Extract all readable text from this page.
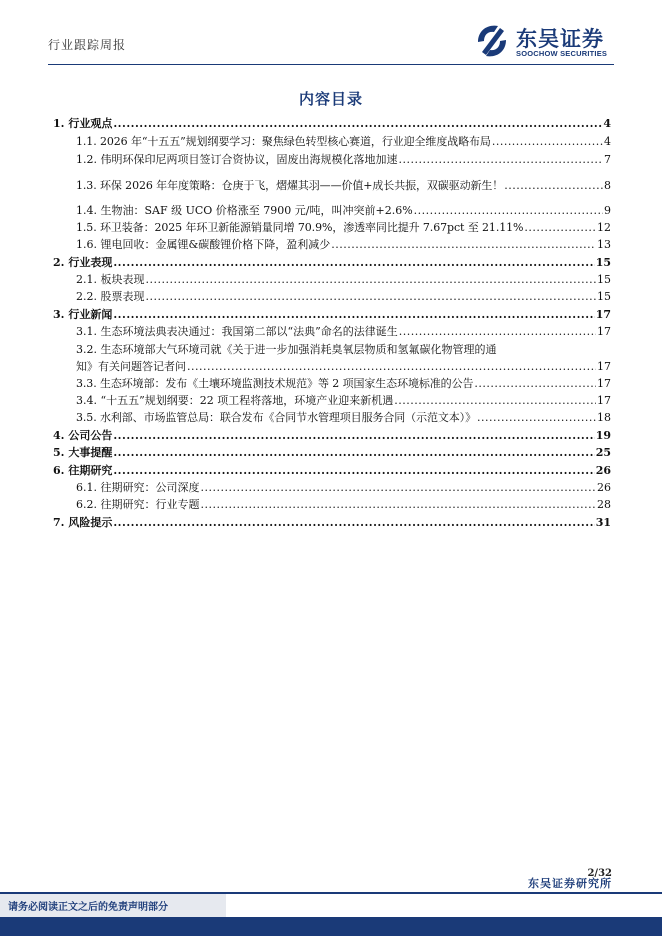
行业跟踪周报	东吴证券
SOOCHOW SECURITIES
内容目录
1. 行业观点 .....	4
1.1. 2026 年“十五五”规划纲要学习：聚焦绿色转型核心赛道，行业迎全维度战略布局 .....	4
1.2. 伟明环保印尼两项目签订合资协议，固废出海规模化落地加速 .....	7
1.3. 环保 2026 年年度策略：仓庚于飞，熠燿其羽——价值+成长共振，双碳驱动新生！ .....	8
1.4. 生物油：SAF 级 UCO 价格涨至 7900 元/吨，叫冲突前+2.6% .....	9
1.5. 环卫装备：2025 年环卫新能源销量同增 70.9%，渗透率同比提升 7.67pct 至 21.11% .....	12
1.6. 锂电回收：金属锂&碳酸锂价格下降，盈利减少 .....	13
2. 行业表现 .....	15
2.1. 板块表现 .....	15
2.2. 股票表现 .....	15
3. 行业新闻 .....	17
3.1. 生态环境法典表决通过：我国第二部以“法典”命名的法律诞生 .....	17
3.2. 生态环境部大气环境司就《关于进一步加强消耗臭氧层物质和氢氟碳化物管理的通
知》有关问题答记者问 .....	17
3.3. 生态环境部：发布《土壤环境监测技术规范》等 2 项国家生态环境标准的公告 .....	17
3.4. “十五五”规划纲要：22 项工程将落地，环境产业迎来新机遇 .....	17
3.5. 水利部、市场监管总局：联合发布《合同节水管理项目服务合同（示范文本）》 .....	18
4. 公司公告 .....	19
5. 大事提醒 .....	25
6. 往期研究 .....	26
6.1. 往期研究：公司深度 .....	26
6.2. 往期研究：行业专题 .....	28
7. 风险提示 .....	31
2/32
东吴证券研究所
请务必阅读正文之后的免责声明部分
